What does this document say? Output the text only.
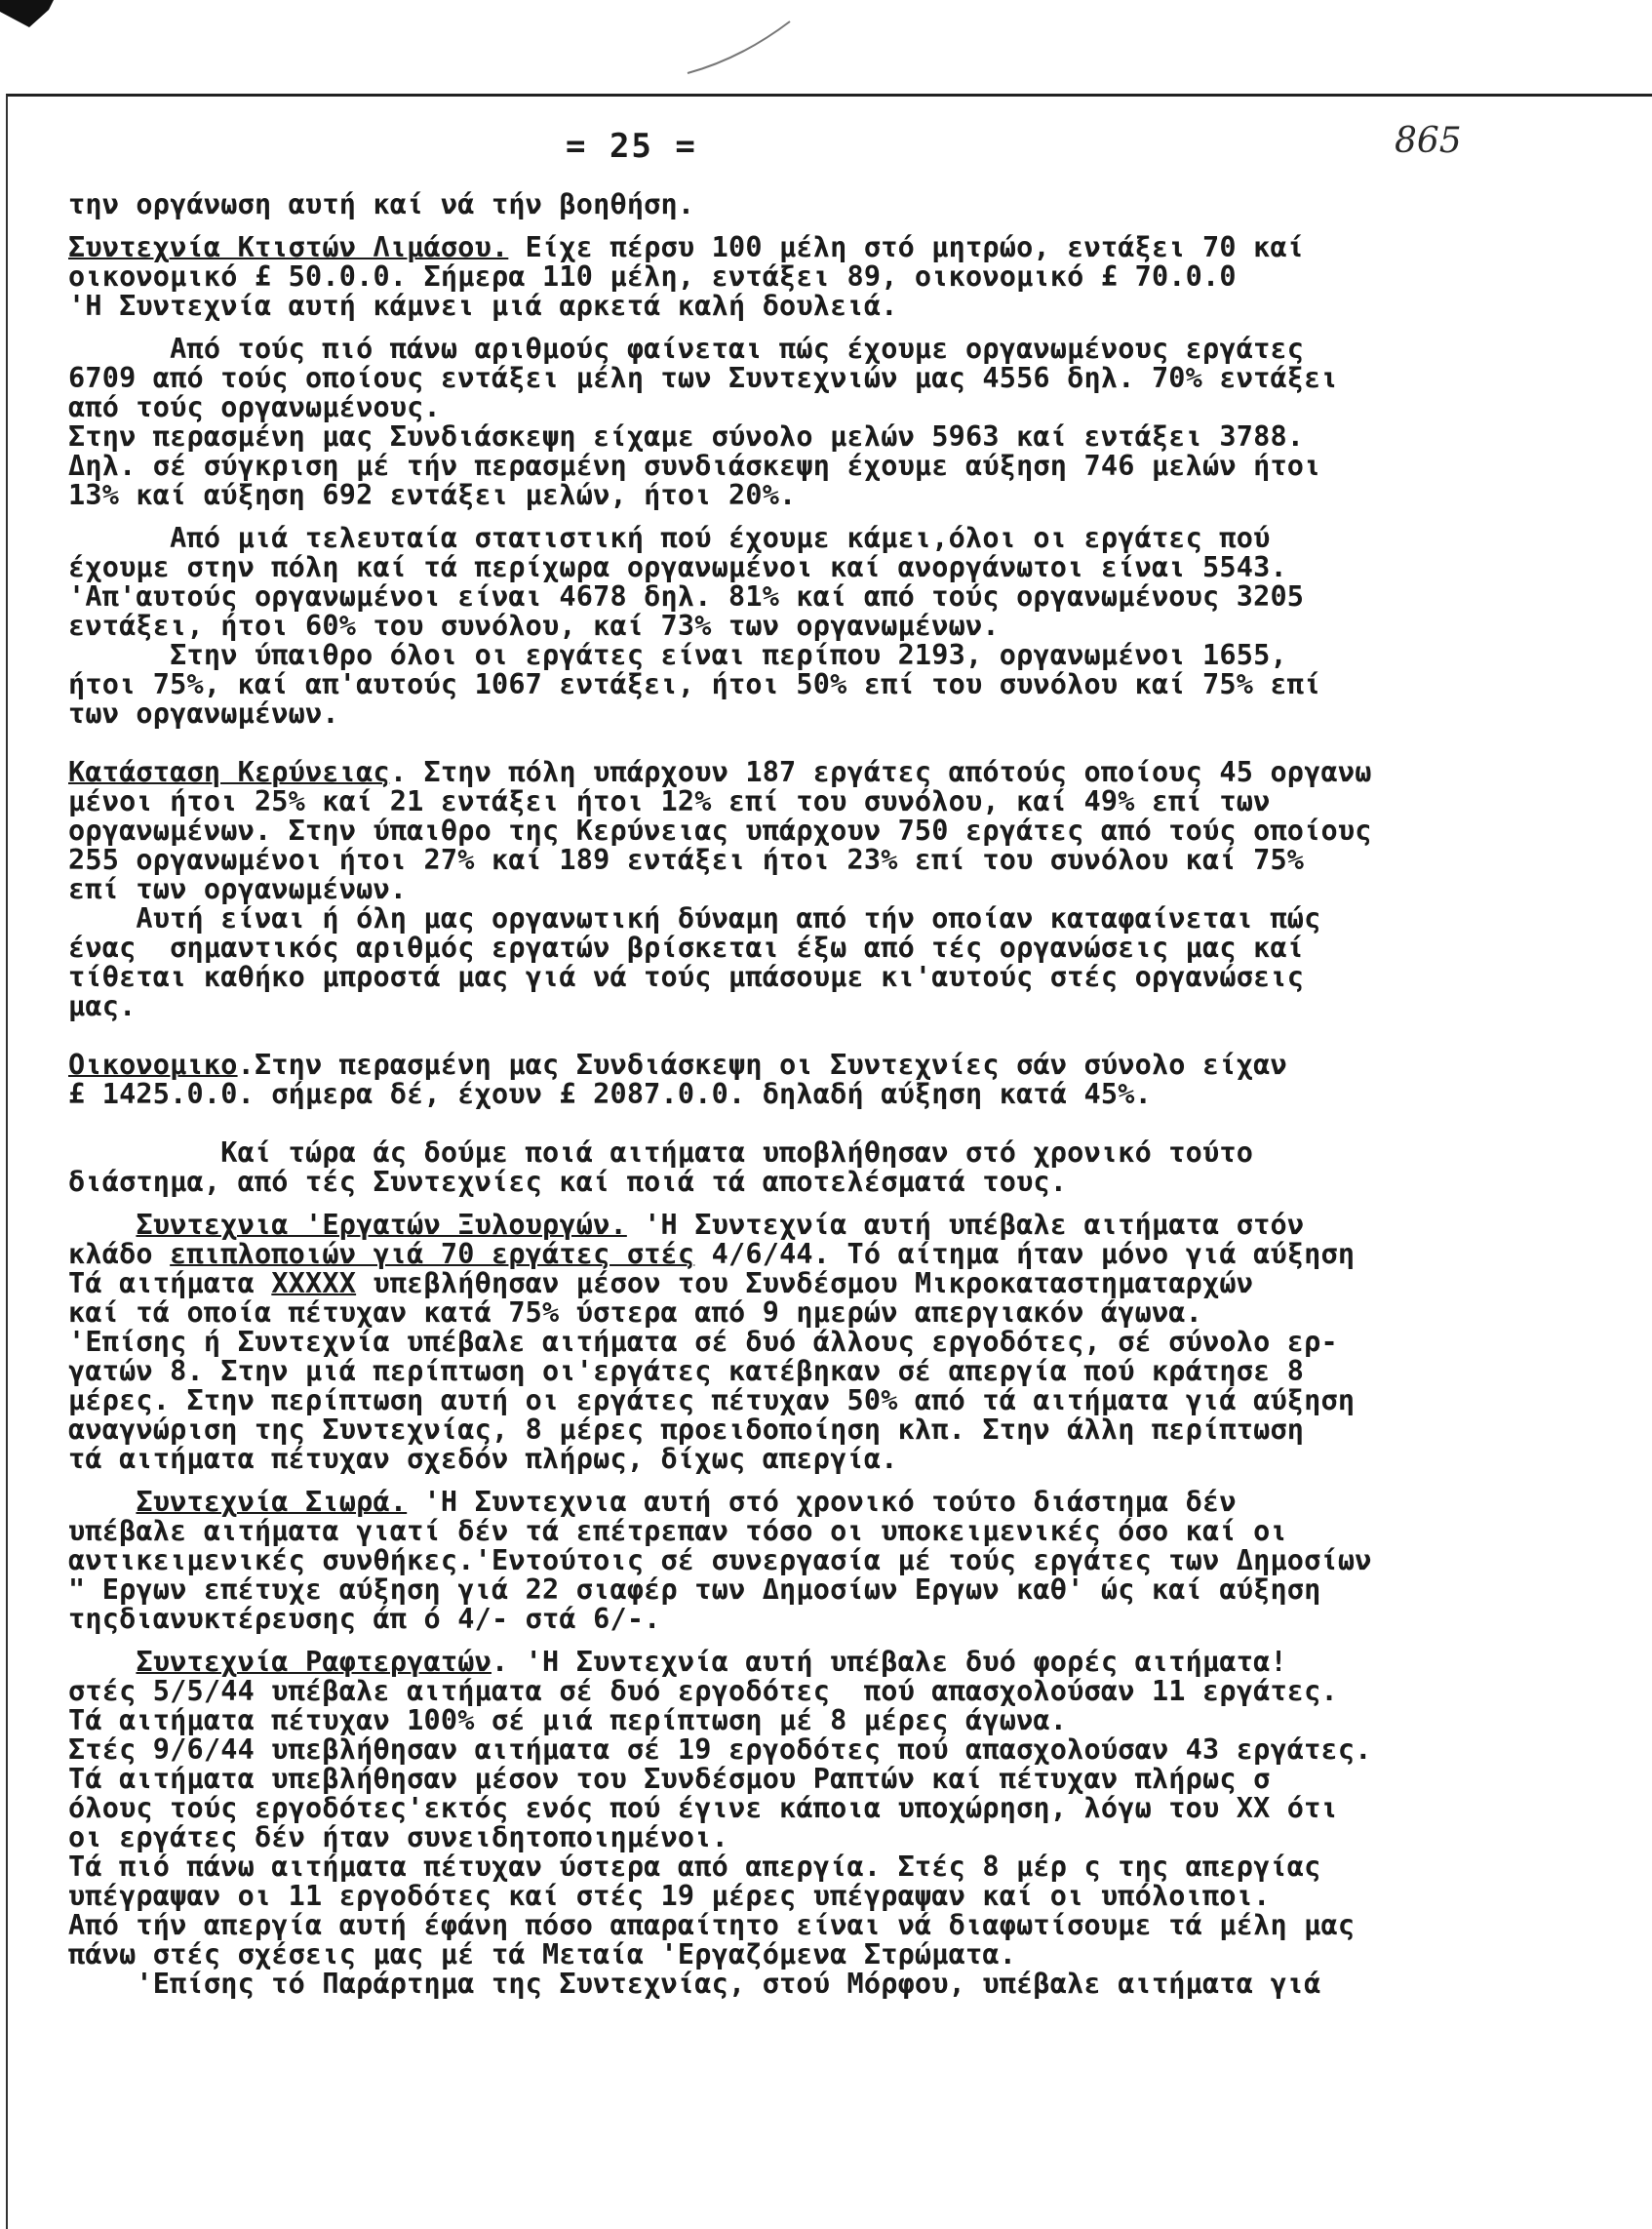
= 25 =	865
την οργάνωση αυτή καί νά τήν βοηθήση.
Συντεχνία Κτιστών Λιμάσου. Είχε πέρσυ 100 μέλη στό μητρώο, εντάξει 70 καί
οικονομικό £ 50.0.0. Σήμερα 110 μέλη, εντάξει 89, οικονομικό £ 70.0.0
'Η Συντεχνία αυτή κάμνει μιά αρκετά καλή δουλειά.
Από τούς πιό πάνω αριθμούς φαίνεται πώς έχουμε οργανωμένους εργάτες
6709 από τούς οποίους εντάξει μέλη των Συντεχνιών μας 4556 δηλ. 70% εντάξει
από τούς οργανωμένους.
Στην περασμένη μας Συνδιάσκεψη είχαμε σύνολο μελών 5963 καί εντάξει 3788.
Δηλ. σέ σύγκριση μέ τήν περασμένη συνδιάσκεψη έχουμε αύξηση 746 μελών ήτοι
13% καί αύξηση 692 εντάξει μελών, ήτοι 20%.
Από μιά τελευταία στατιστική πού έχουμε κάμει,όλοι οι εργάτες πού
έχουμε στην πόλη καί τά περίχωρα οργανωμένοι καί ανοργάνωτοι είναι 5543.
'Απ'αυτούς οργανωμένοι είναι 4678 δηλ. 81% καί από τούς οργανωμένους 3205
εντάξει, ήτοι 60% του συνόλου, καί 73% των οργανωμένων.
Στην ύπαιθρο όλοι οι εργάτες είναι περίπου 2193, οργανωμένοι 1655,
ήτοι 75%, καί απ'αυτούς 1067 εντάξει, ήτοι 50% επί του συνόλου καί 75% επί
των οργανωμένων.
Κατάσταση Κερύνειας. Στην πόλη υπάρχουν 187 εργάτες απότούς οποίους 45 οργανω
μένοι ήτοι 25% καί 21 εντάξει ήτοι 12% επί του συνόλου, καί 49% επί των
οργανωμένων. Στην ύπαιθρο της Κερύνειας υπάρχουν 750 εργάτες από τούς οποίους
255 οργανωμένοι ήτοι 27% καί 189 εντάξει ήτοι 23% επί του συνόλου καί 75%
επί των οργανωμένων.
Αυτή είναι ή όλη μας οργανωτική δύναμη από τήν οποίαν καταφαίνεται πώς
ένας  σημαντικός αριθμός εργατών βρίσκεται έξω από τές οργανώσεις μας καί
τίθεται καθήκο μπροστά μας γιά νά τούς μπάσουμε κι'αυτούς στές οργανώσεις
μας.
Οικονομικο.Στην περασμένη μας Συνδιάσκεψη οι Συντεχνίες σάν σύνολο είχαν
£ 1425.0.0. σήμερα δέ, έχουν £ 2087.0.0. δηλαδή αύξηση κατά 45%.
Καί τώρα άς δούμε ποιά αιτήματα υποβλήθησαν στό χρονικό τούτο
διάστημα, από τές Συντεχνίες καί ποιά τά αποτελέσματά τους.
Συντεχνια 'Εργατών Ξυλουργών. 'Η Συντεχνία αυτή υπέβαλε αιτήματα στόν
κλάδο επιπλοποιών γιά 70 εργάτες στές 4/6/44. Τό αίτημα ήταν μόνο γιά αύξηση
Τά αιτήματα ΧΧΧΧΧ υπεβλήθησαν μέσον του Συνδέσμου Μικροκαταστηματαρχών
καί τά οποία πέτυχαν κατά 75% ύστερα από 9 ημερών απεργιακόν άγωνα.
'Επίσης ή Συντεχνία υπέβαλε αιτήματα σέ δυό άλλους εργοδότες, σέ σύνολο ερ-
γατών 8. Στην μιά περίπτωση οι'εργάτες κατέβηκαν σέ απεργία πού κράτησε 8
μέρες. Στην περίπτωση αυτή οι εργάτες πέτυχαν 50% από τά αιτήματα γιά αύξηση
αναγνώριση της Συντεχνίας, 8 μέρες προειδοποίηση κλπ. Στην άλλη περίπτωση
τά αιτήματα πέτυχαν σχεδόν πλήρως, δίχως απεργία.
Συντεχνία Σιωρά. 'Η Συντεχνια αυτή στό χρονικό τούτο διάστημα δέν
υπέβαλε αιτήματα γιατί δέν τά επέτρεπαν τόσο οι υποκειμενικές όσο καί οι
αντικειμενικές συνθήκες.'Εντούτοις σέ συνεργασία μέ τούς εργάτες των Δημοσίων
" Εργων επέτυχε αύξηση γιά 22 σιαφέρ των Δημοσίων Εργων καθ' ώς καί αύξηση
τηςδιανυκτέρευσης άπ ό 4/- στά 6/-.
Συντεχνία Ραφτεργατών. 'Η Συντεχνία αυτή υπέβαλε δυό φορές αιτήματα!
στές 5/5/44 υπέβαλε αιτήματα σέ δυό εργοδότες  πού απασχολούσαν 11 εργάτες.
Τά αιτήματα πέτυχαν 100% σέ μιά περίπτωση μέ 8 μέρες άγωνα.
Στές 9/6/44 υπεβλήθησαν αιτήματα σέ 19 εργοδότες πού απασχολούσαν 43 εργάτες.
Τά αιτήματα υπεβλήθησαν μέσον του Συνδέσμου Ραπτών καί πέτυχαν πλήρως σ
όλους τούς εργοδότες'εκτός ενός πού έγινε κάποια υποχώρηση, λόγω του ΧΧ ότι
οι εργάτες δέν ήταν συνειδητοποιημένοι.
Τά πιό πάνω αιτήματα πέτυχαν ύστερα από απεργία. Στές 8 μέρ ς της απεργίας
υπέγραψαν οι 11 εργοδότες καί στές 19 μέρες υπέγραψαν καί οι υπόλοιποι.
Από τήν απεργία αυτή έφάνη πόσο απαραίτητο είναι νά διαφωτίσουμε τά μέλη μας
πάνω στές σχέσεις μας μέ τά Μεταία 'Εργαζόμενα Στρώματα.
'Επίσης τό Παράρτημα της Συντεχνίας, στού Μόρφου, υπέβαλε αιτήματα γιά
